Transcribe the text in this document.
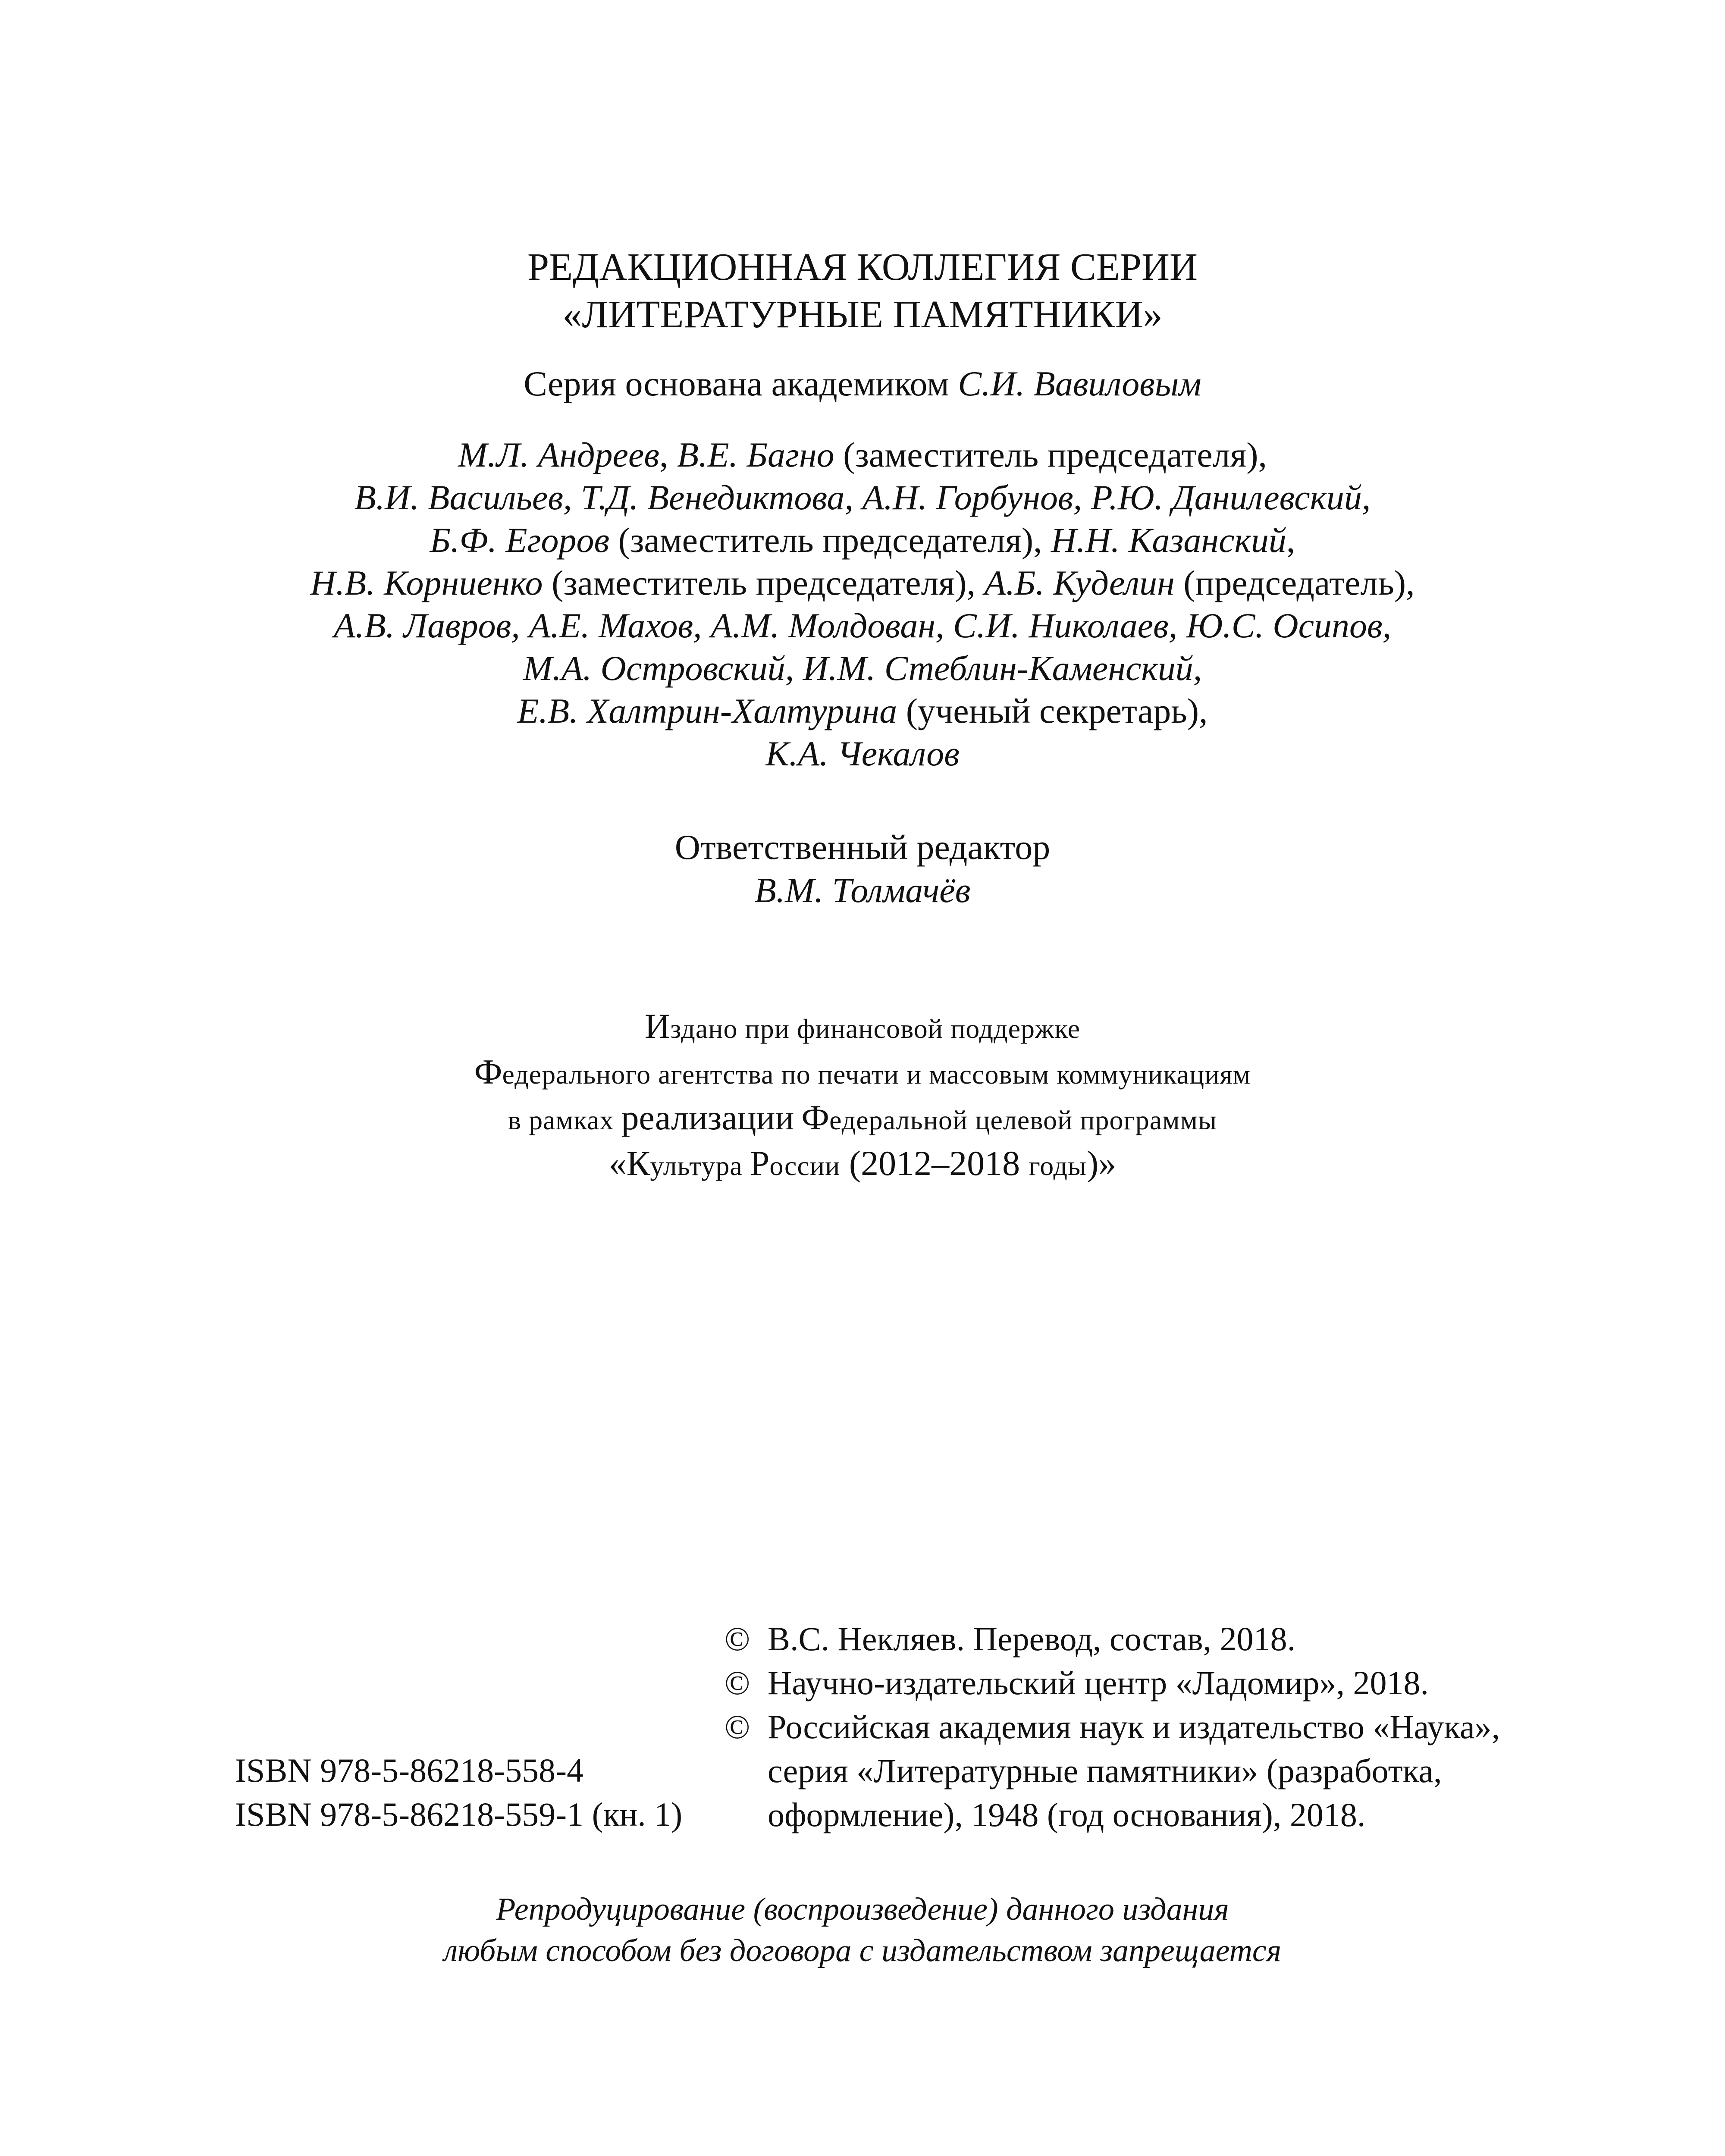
РЕДАКЦИОННАЯ КОЛЛЕГИЯ СЕРИИ
«ЛИТЕРАТУРНЫЕ ПАМЯТНИКИ»
Серия основана академиком С.И. Вавиловым
М.Л. Андреев, В.Е. Багно (заместитель председателя),
В.И. Васильев, Т.Д. Венедиктова, А.Н. Горбунов, Р.Ю. Данилевский,
Б.Ф. Егоров (заместитель председателя), Н.Н. Казанский,
Н.В. Корниенко (заместитель председателя), А.Б. Куделин (председатель),
А.В. Лавров, А.Е. Махов, А.М. Молдован, С.И. Николаев, Ю.С. Осипов,
М.А. Островский, И.М. Стеблин-Каменский,
Е.В. Халтрин-Халтурина (ученый секретарь),
К.А. Чекалов
Ответственный редактор
В.М. Толмачёв
Издано при финансовой поддержке
Федерального агентства по печати и массовым коммуникациям
в рамках реализации Федеральной целевой программы
«Культура России (2012–2018 годы)»
© В.С. Некляев. Перевод, состав, 2018.
© Научно-издательский центр «Ладомир», 2018.
© Российская академия наук и издательство «Наука»,
серия «Литературные памятники» (разработка,
оформление), 1948 (год основания), 2018.
ISBN 978-5-86218-558-4
ISBN 978-5-86218-559-1 (кн. 1)
Репродуцирование (воспроизведение) данного издания
любым способом без договора с издательством запрещается
